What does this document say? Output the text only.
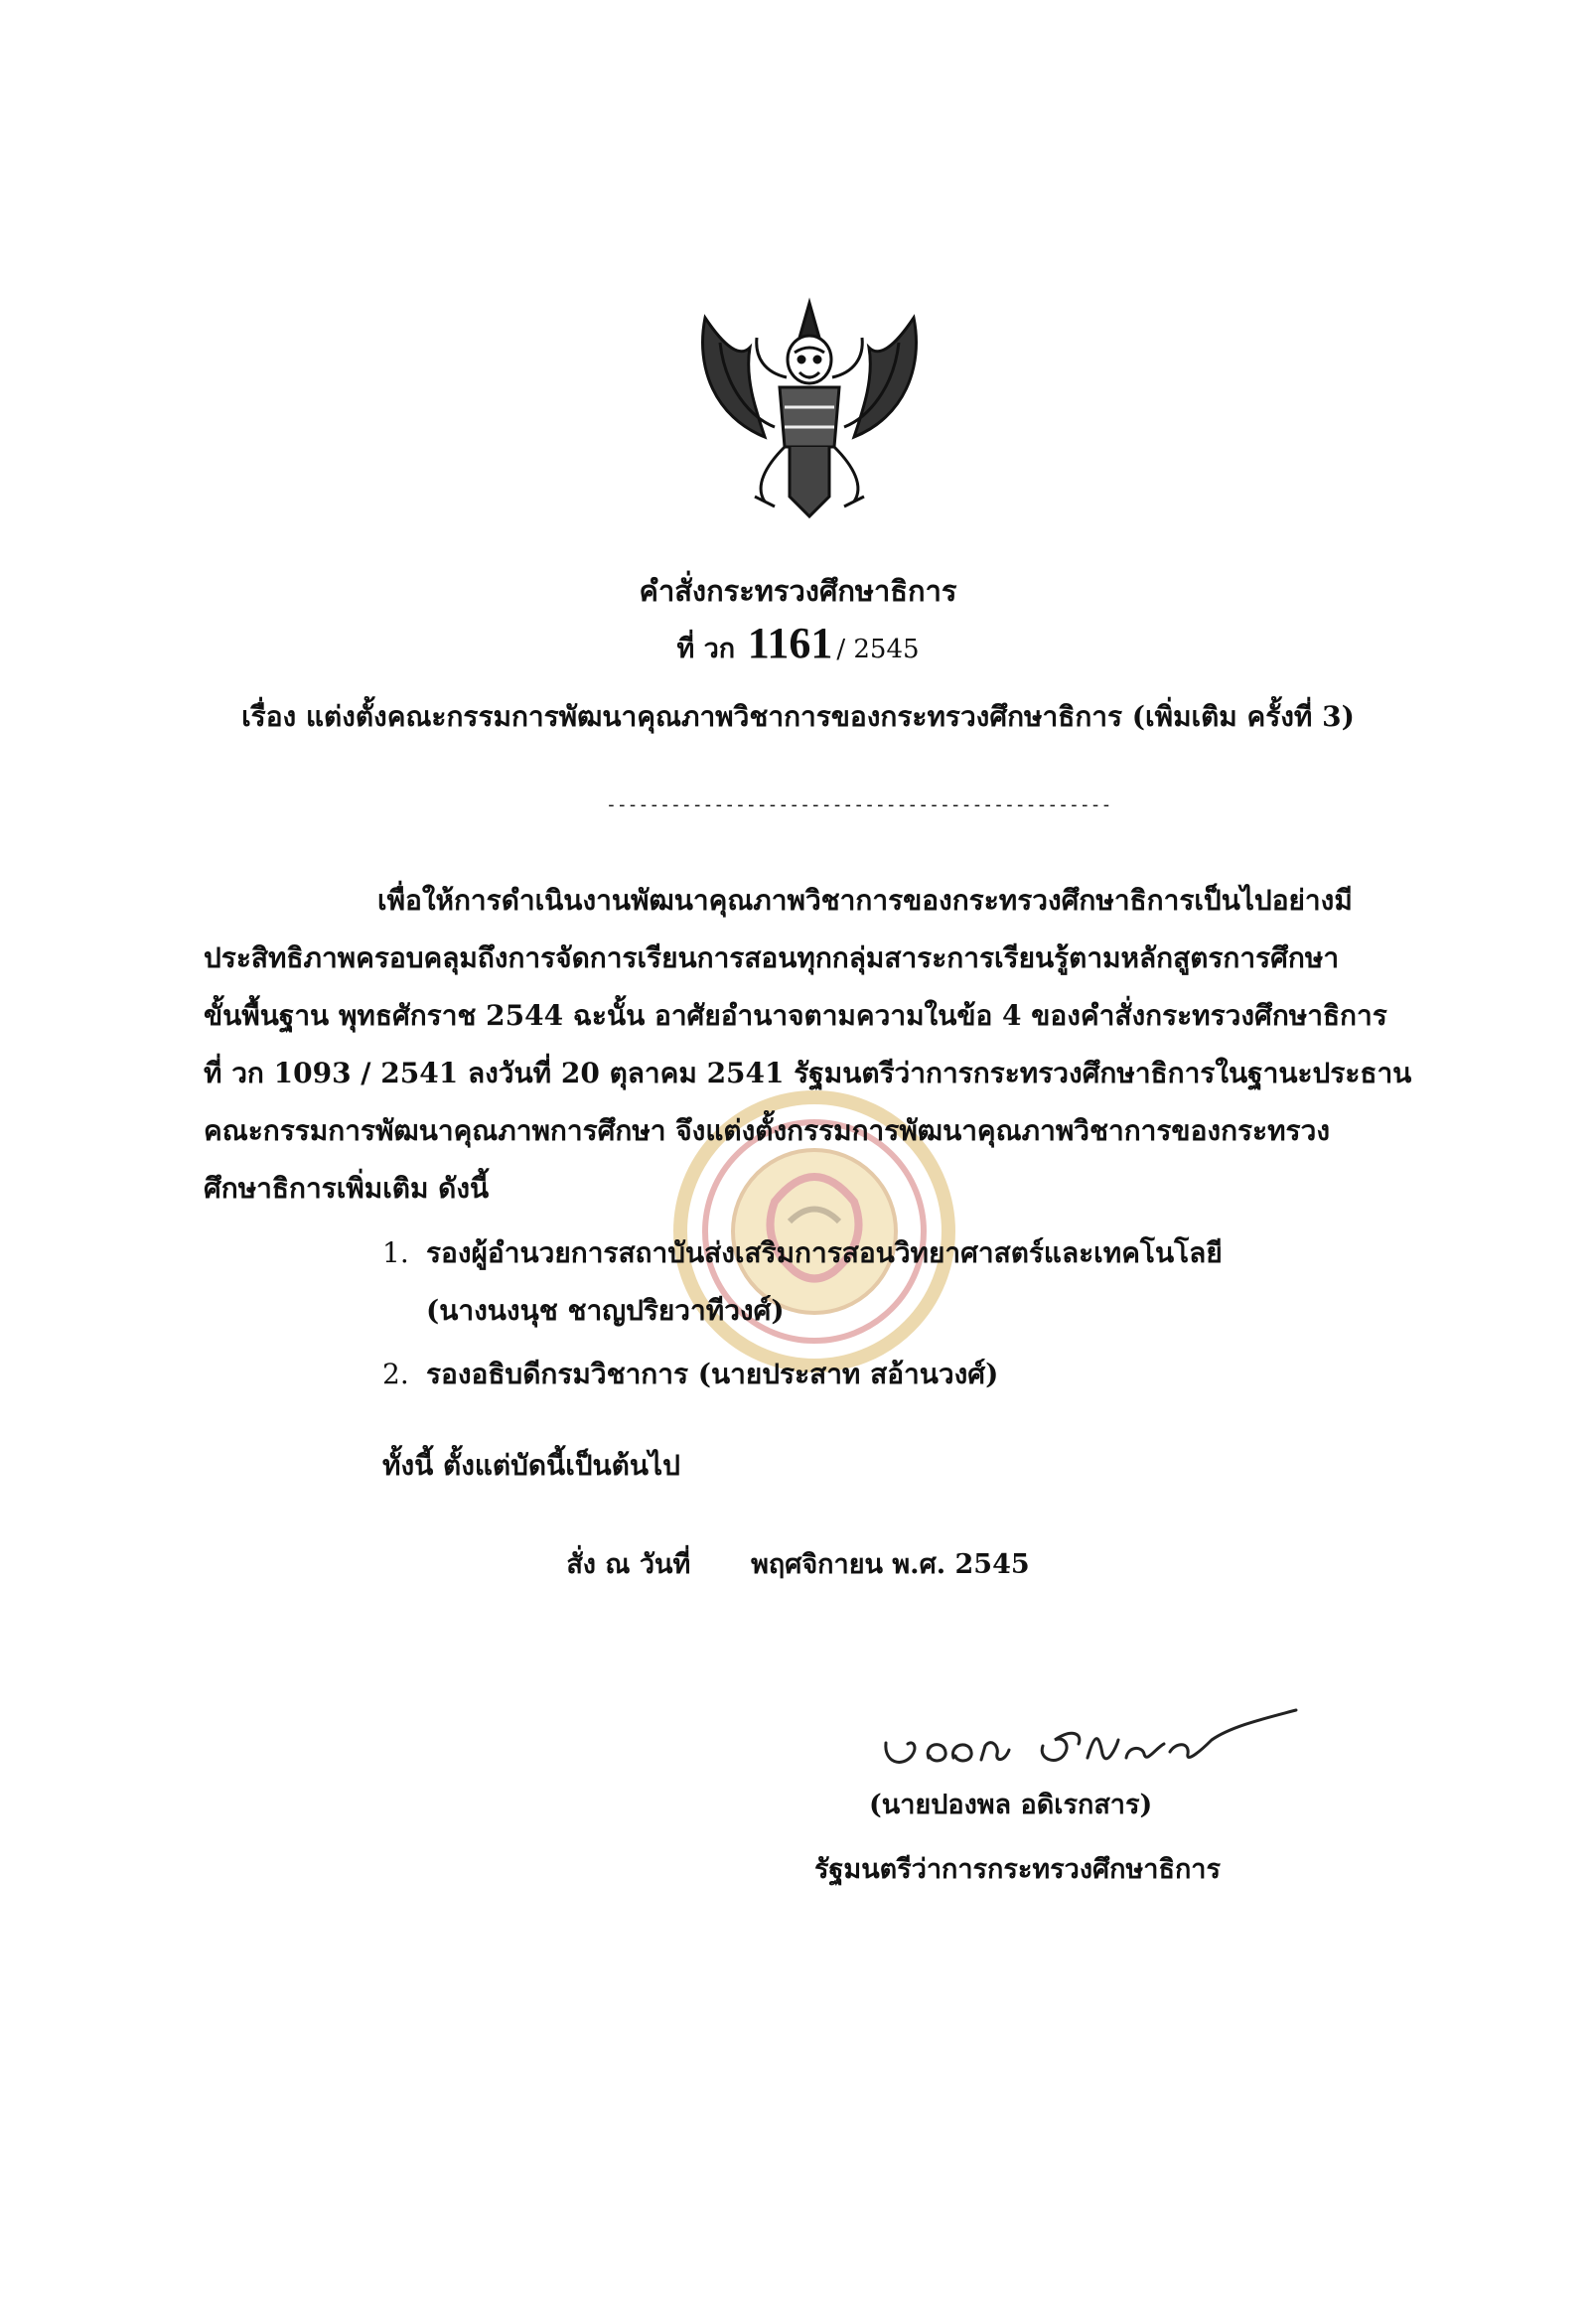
คำสั่งกระทรวงศึกษาธิการ
ที่ วก 1161 / 2545
เรื่อง แต่งตั้งคณะกรรมการพัฒนาคุณภาพวิชาการของกระทรวงศึกษาธิการ (เพิ่มเติม ครั้งที่ 3)
-----------------------------------------------
เพื่อให้การดำเนินงานพัฒนาคุณภาพวิชาการของกระทรวงศึกษาธิการเป็นไปอย่างมี
ประสิทธิภาพครอบคลุมถึงการจัดการเรียนการสอนทุกกลุ่มสาระการเรียนรู้ตามหลักสูตรการศึกษา
ขั้นพื้นฐาน พุทธศักราช 2544 ฉะนั้น อาศัยอำนาจตามความในข้อ 4 ของคำสั่งกระทรวงศึกษาธิการ
ที่ วก 1093 / 2541 ลงวันที่ 20 ตุลาคม 2541 รัฐมนตรีว่าการกระทรวงศึกษาธิการในฐานะประธาน
คณะกรรมการพัฒนาคุณภาพการศึกษา จึงแต่งตั้งกรรมการพัฒนาคุณภาพวิชาการของกระทรวง
ศึกษาธิการเพิ่มเติม ดังนี้
1. รองผู้อำนวยการสถาบันส่งเสริมการสอนวิทยาศาสตร์และเทคโนโลยี
(นางนงนุช ชาญปริยวาทีวงศ์)
2. รองอธิบดีกรมวิชาการ (นายประสาท สอ้านวงศ์)
ทั้งนี้ ตั้งแต่บัดนี้เป็นต้นไป
สั่ง ณ วันที่ พฤศจิกายน พ.ศ. 2545
(นายปองพล อดิเรกสาร)
รัฐมนตรีว่าการกระทรวงศึกษาธิการ
